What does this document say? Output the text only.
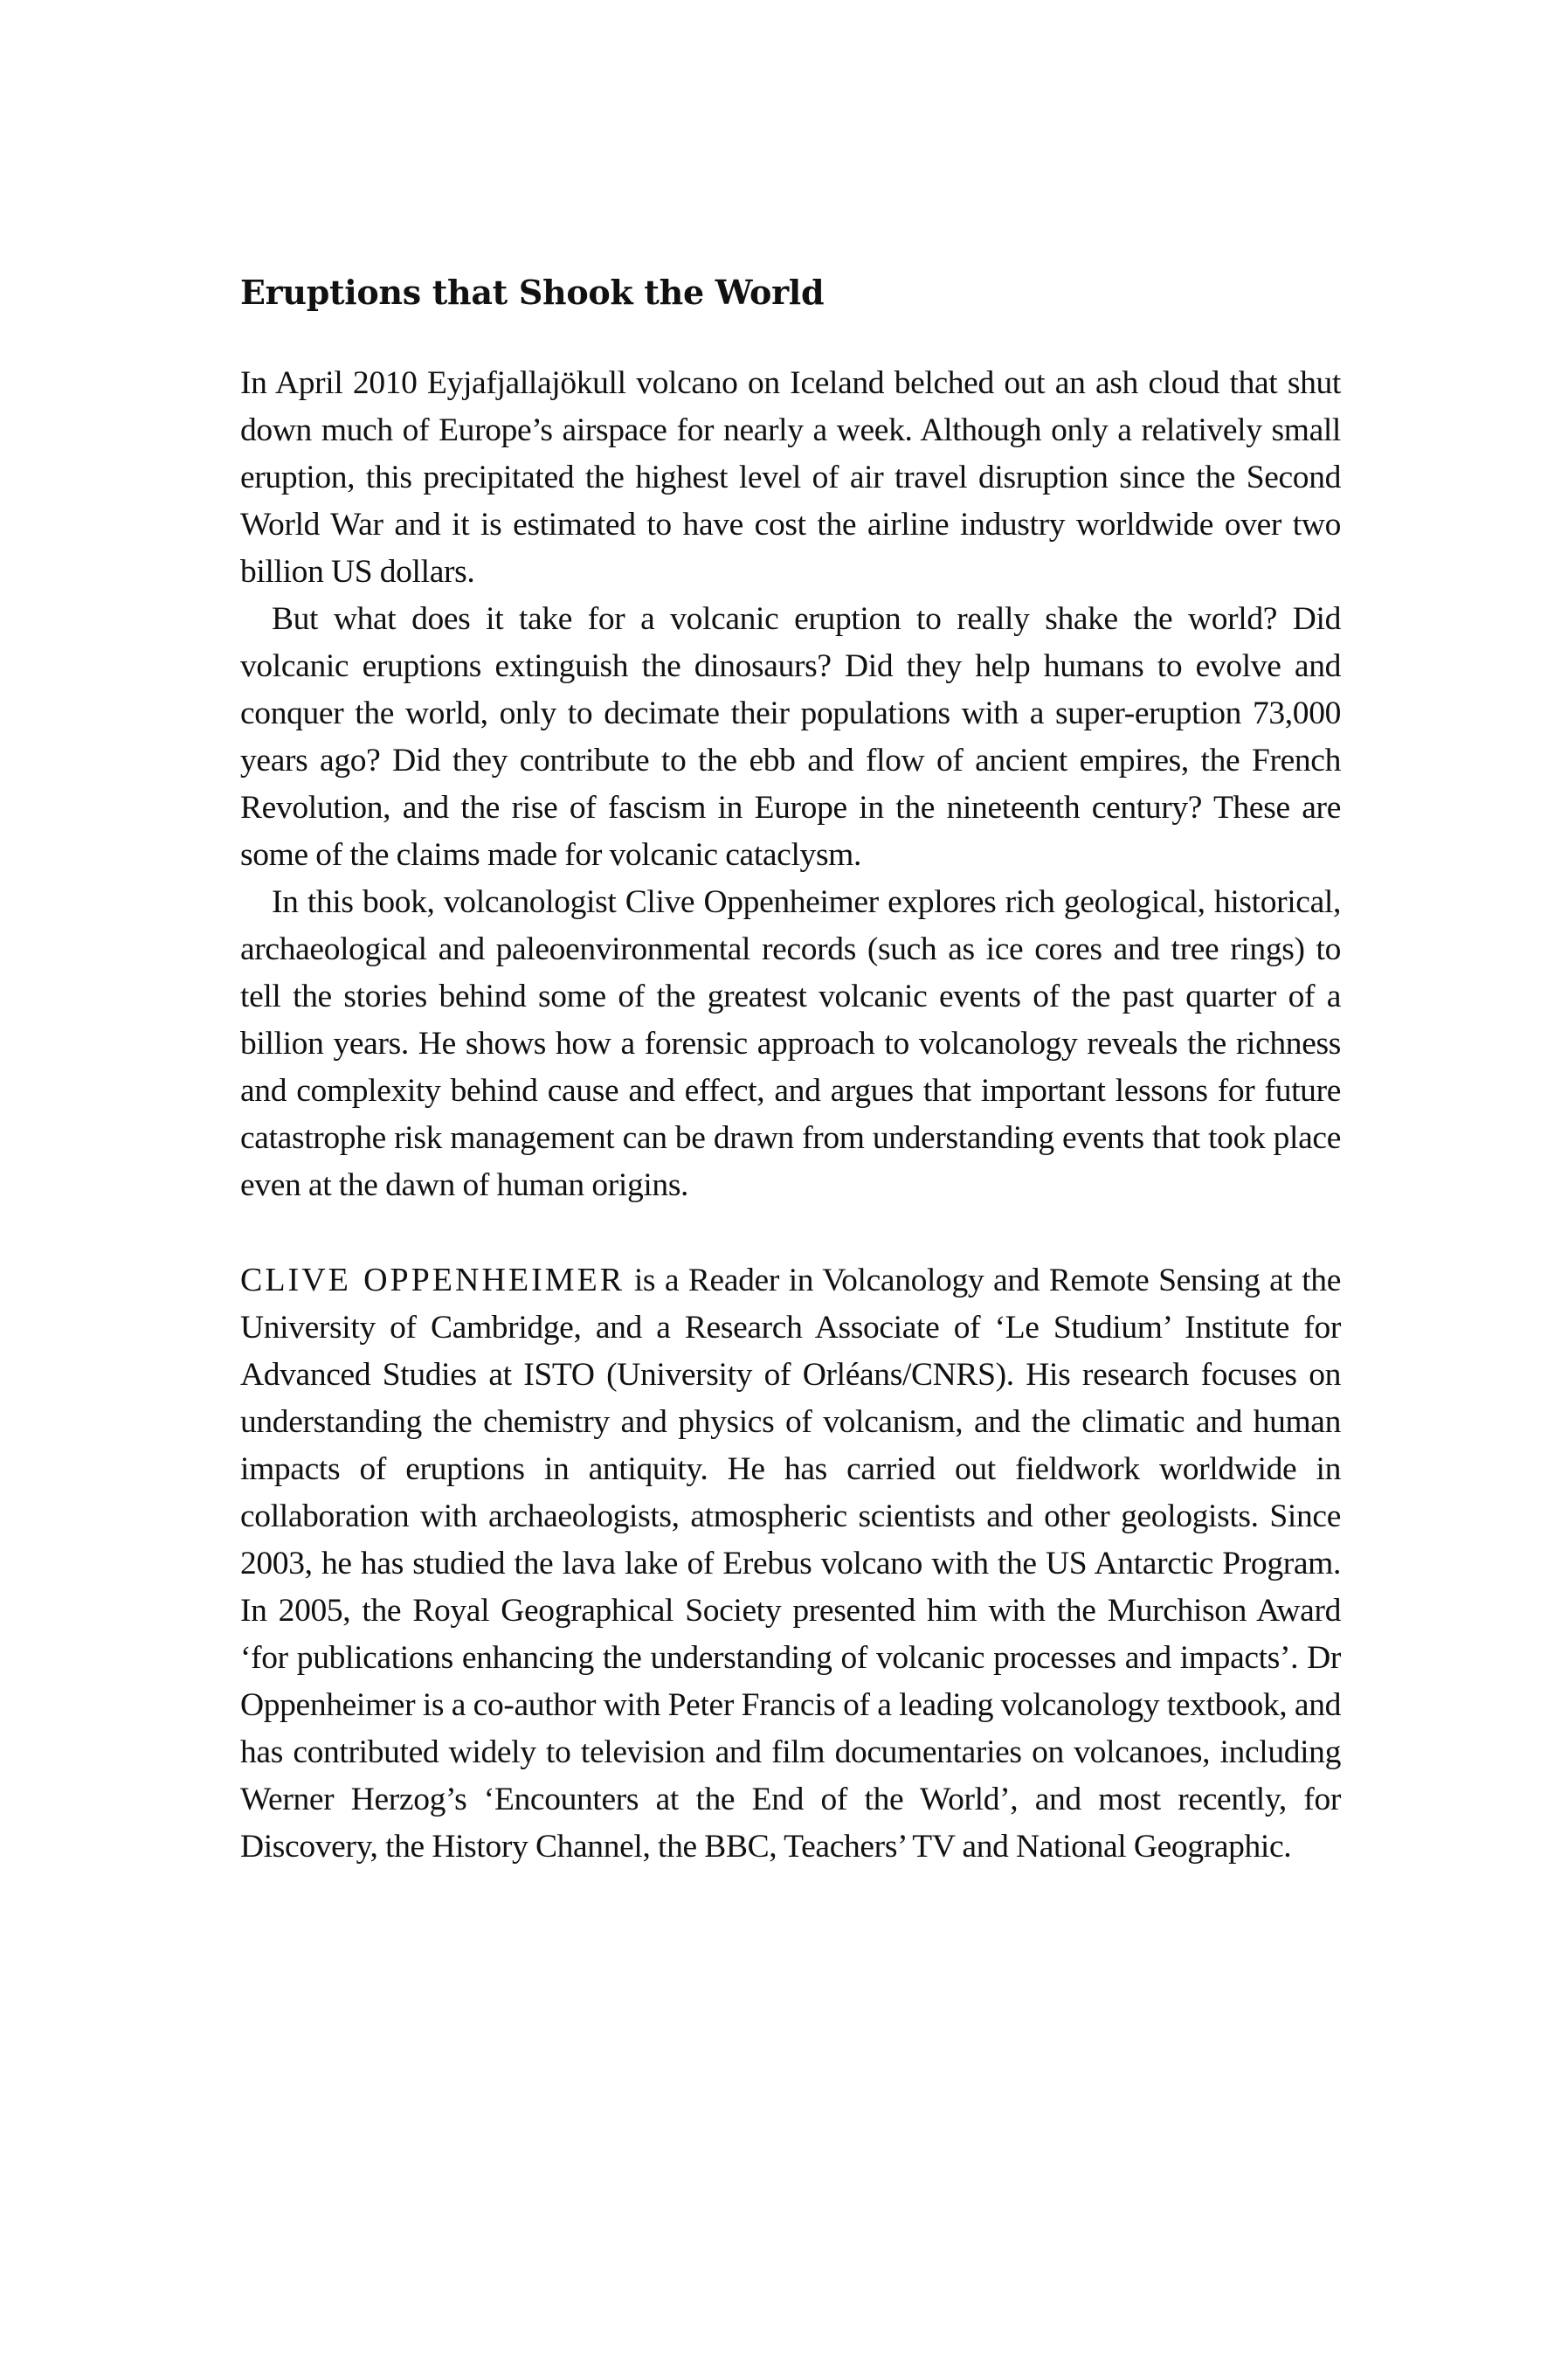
Eruptions that Shook the World

In April 2010 Eyjafjallajökull volcano on Iceland belched out an ash cloud that shut down much of Europe’s airspace for nearly a week. Although only a relatively small eruption, this precipitated the highest level of air travel disruption since the Second World War and it is estimated to have cost the airline industry worldwide over two billion US dollars.

But what does it take for a volcanic eruption to really shake the world? Did volcanic eruptions extinguish the dinosaurs? Did they help humans to evolve and conquer the world, only to decimate their populations with a super-eruption 73,000 years ago? Did they contribute to the ebb and flow of ancient empires, the French Revolution, and the rise of fascism in Europe in the nineteenth century? These are some of the claims made for volcanic cataclysm.

In this book, volcanologist Clive Oppenheimer explores rich geological, historical, archaeological and paleoenvironmental records (such as ice cores and tree rings) to tell the stories behind some of the greatest volcanic events of the past quarter of a billion years. He shows how a forensic approach to volcanology reveals the richness and complexity behind cause and effect, and argues that important lessons for future catastrophe risk management can be drawn from understanding events that took place even at the dawn of human origins.

CLIVE OPPENHEIMER is a Reader in Volcanology and Remote Sensing at the University of Cambridge, and a Research Associate of ‘Le Studium’ Institute for Advanced Studies at ISTO (University of Orléans/CNRS). His research focuses on understanding the chemistry and physics of volcanism, and the climatic and human impacts of eruptions in antiquity. He has carried out fieldwork worldwide in collaboration with archaeologists, atmospheric scientists and other geologists. Since 2003, he has studied the lava lake of Erebus volcano with the US Antarctic Program. In 2005, the Royal Geographical Society presented him with the Murchison Award ‘for publications enhancing the understanding of volcanic processes and impacts’. Dr Oppenheimer is a co-author with Peter Francis of a leading volcanology textbook, and has contributed widely to television and film documentaries on volcanoes, including Werner Herzog’s ‘Encounters at the End of the World’, and most recently, for Discovery, the History Channel, the BBC, Teachers’ TV and National Geographic.
